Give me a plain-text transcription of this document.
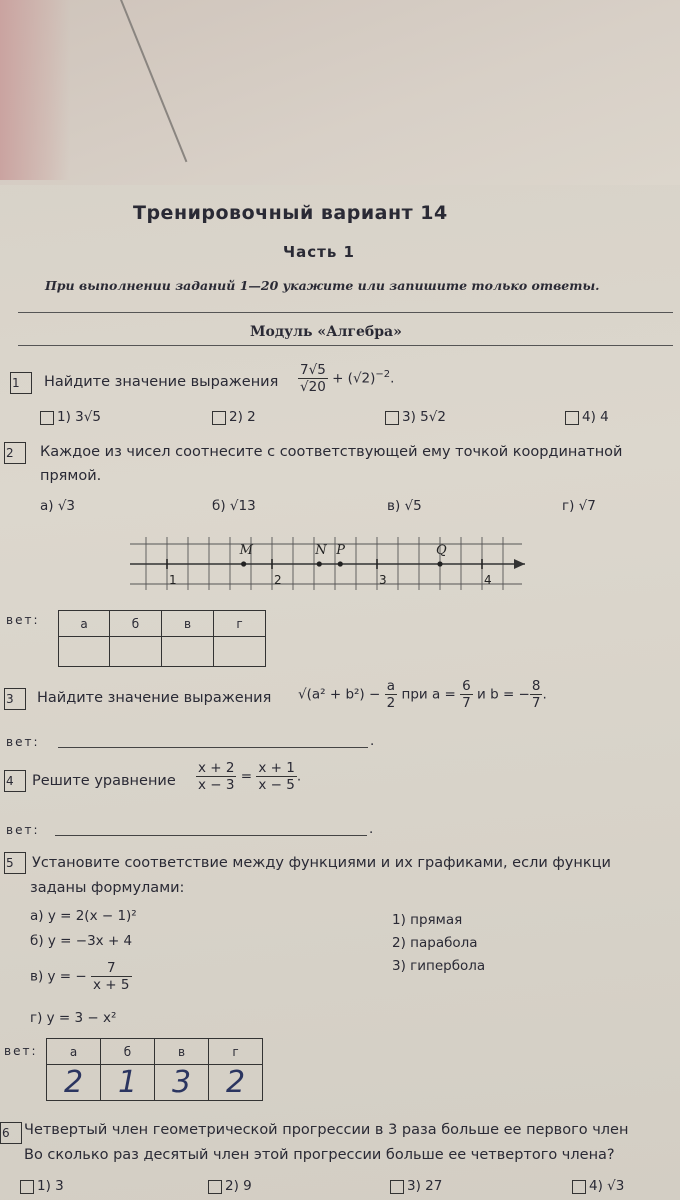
Тренировочный вариант 14
Часть 1
При выполнении заданий 1—20 укажите или запишите только ответы.
Модуль «Алгебра»
1	Найдите значение выражения $\frac{7√5}{√20} + (√2)^{-2}$.
1) 3√5	2) 2	3) 5√2	4) 4
2	Каждое из чисел соотнесите с соответствующей ему точкой координатной
прямой.
а) √3	б) √13	в) √5	г) √7
1	2	3	4
M	N P	Q
вет:	а	б	в	г

3	Найдите значение выражения $√(a^2 + b^2) - \frac{a}{2}$ при $a = \frac{6}{7}$ и b = − $\frac{8}{7}$ .
вет:	.
4	Решите уравнение $\frac{x + 2}{x - 3} = \frac{x + 1}{x - 5}$ .
вет:	.
5	Установите соответствие между функциями и их графиками, если функци
заданы формулами:
а) y = 2(x − 1)²
б) y = −3x + 4
в) y = − $\frac{7}{x + 5}$
г) y = 3 − x²
1) прямая
2) парабола
3) гипербола
вет:	а	б	в	г
2	1	3	2
6 Четвертый член геометрической прогрессии в 3 раза больше ее первого член
Во сколько раз десятый член этой прогрессии больше ее четвертого члена?
1) 3	2) 9	3) 27	4) √3
